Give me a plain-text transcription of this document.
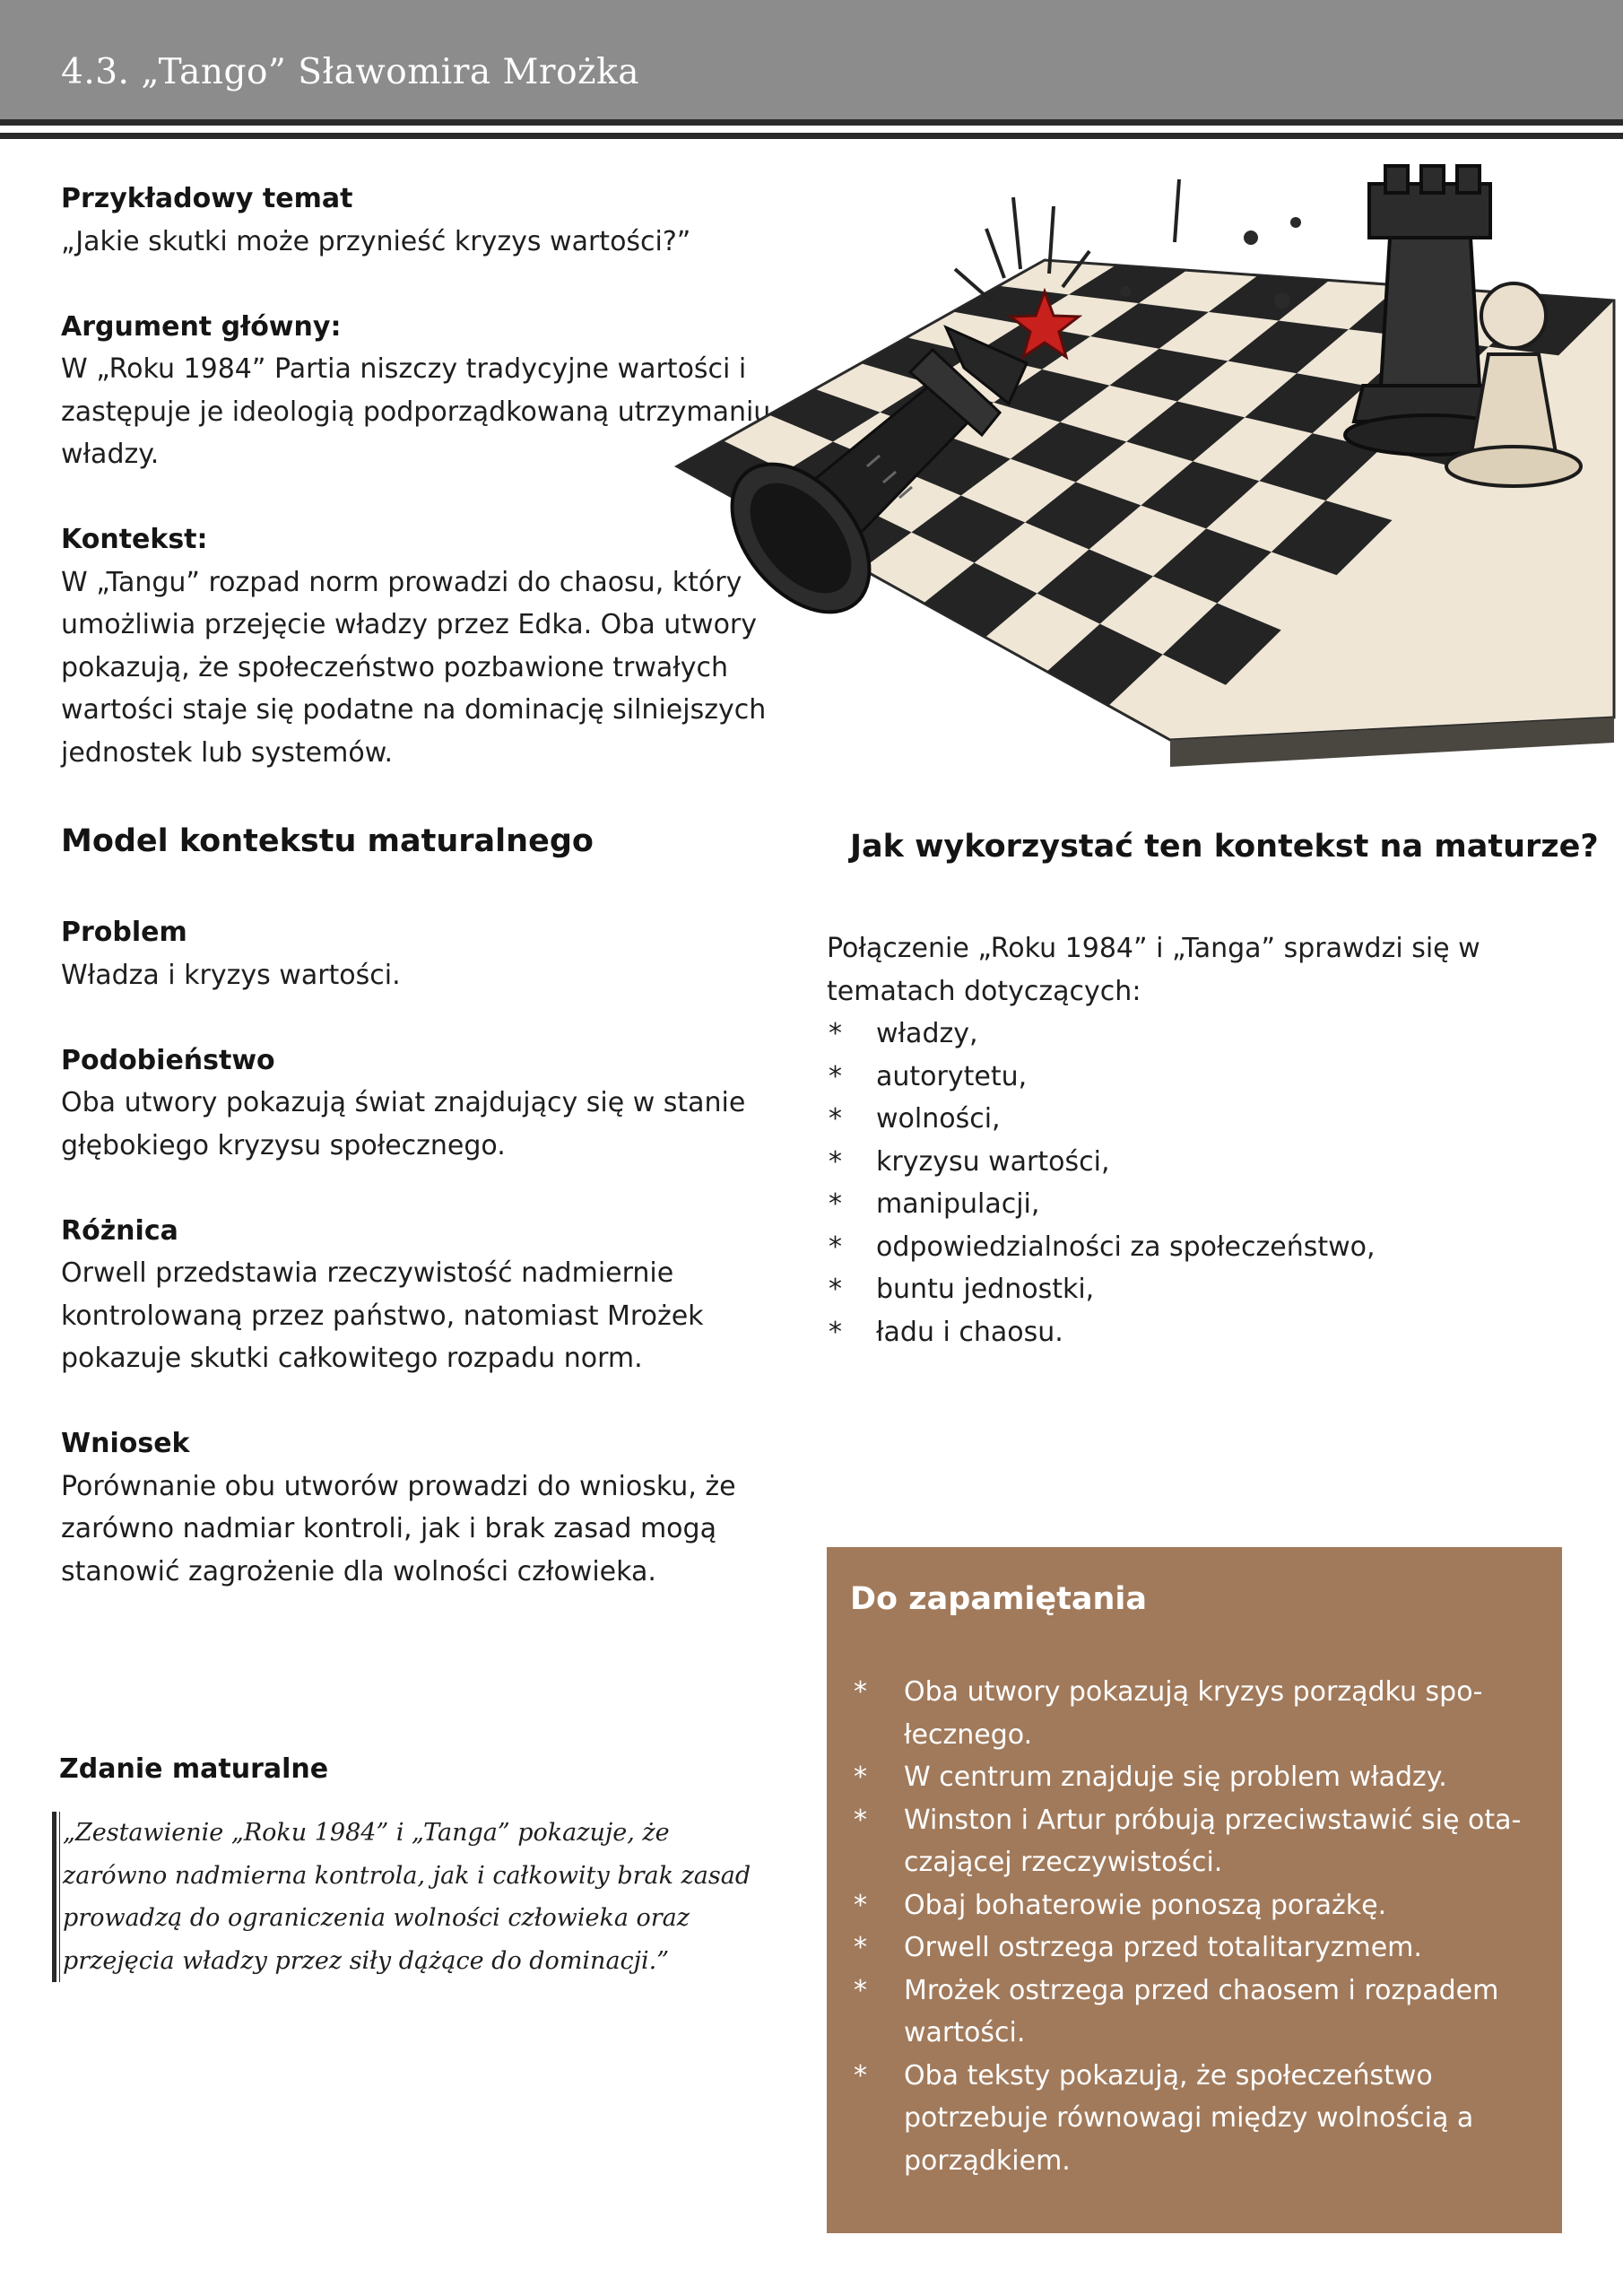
4.3. „Tango” Sławomira Mrożka

Przykładowy temat

„Jakie skutki może przynieść kryzys wartości?”

Argument główny:

W „Roku 1984” Partia niszczy tradycyjne wartości i zastępuje je ideologią podporządkowaną utrzymaniu władzy.

Kontekst:

W „Tangu” rozpad norm prowadzi do chaosu, który umożliwia przejęcie władzy przez Edka. Oba utwory pokazują, że społeczeństwo pozbawione trwałych wartości staje się podatne na dominację silniejszych jednostek lub systemów.

Model kontekstu maturalnego

Problem

Władza i kryzys wartości.

Podobieństwo

Oba utwory pokazują świat znajdujący się w stanie głębokiego kryzysu społecznego.

Różnica

Orwell przedstawia rzeczywistość nadmiernie kontrolowaną przez państwo, natomiast Mrożek pokazuje skutki całkowitego rozpadu norm.

Wniosek

Porównanie obu utworów prowadzi do wniosku, że zarówno nadmiar kontroli, jak i brak zasad mogą stanowić zagrożenie dla wolności człowieka.

Jak wykorzystać ten kontekst na maturze?

Połączenie „Roku 1984” i „Tanga” sprawdzi się w tematach dotyczących:

* władzy,
* autorytetu,
* wolności,
* kryzysu wartości,
* manipulacji,
* odpowiedzialności za społeczeństwo,
* buntu jednostki,
* ładu i chaosu.
Zdanie maturalne

„Zestawienie „Roku 1984” i „Tanga” pokazuje, że zarówno nadmierna kontrola, jak i całkowity brak zasad prowadzą do ograniczenia wolności człowieka oraz przejęcia władzy przez siły dążące do dominacji.”

Do zapamiętania
* Oba utwory pokazują kryzys porządku społecznego.
* W centrum znajduje się problem władzy.
* Winston i Artur próbują przeciwstawić się otaczającej rzeczywistości.
* Obaj bohaterowie ponoszą porażkę.
* Orwell ostrzega przed totalitaryzmem.
* Mrożek ostrzega przed chaosem i rozpadem wartości.
* Oba teksty pokazują, że społeczeństwo potrzebuje równowagi między wolnością a porządkiem.
